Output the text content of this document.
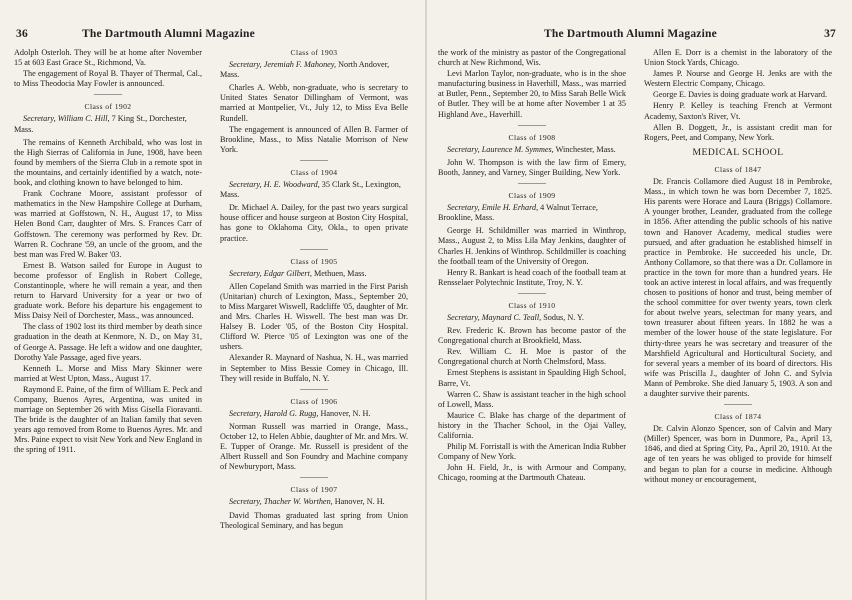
36	The Dartmouth Alumni Magazine

Adolph Osterloh. They will be at home after November 15 at 603 East Grace St., Richmond, Va.

The engagement of Royal B. Thayer of Thermal, Cal., to Miss Theodocia May Fowler is announced.

Class of 1902
Secretary, William C. Hill, 7 King St., Dorchester, Mass.

The remains of Kenneth Archibald, who was lost in the High Sierras of California in June, 1908, have been found by members of the Sierra Club in a remote spot in the mountains, and certainly identified by a watch, note-book, and clothing known to have belonged to him.

Frank Cochrane Moore, assistant professor of mathematics in the New Hampshire College at Durham, was married at Goffstown, N. H., August 17, to Miss Helen Bond Carr, daughter of Mrs. S. Frances Carr of Goffstown. The ceremony was performed by Rev. Dr. Warren R. Cochrane '59, an uncle of the groom, and the best man was Fred W. Baker '03.

Ernest B. Watson sailed for Europe in August to become professor of English in Robert College, Constantinople, where he will remain a year, and then return to Harvard University for a year or two of graduate work. Before his departure his engagement to Miss Daisy Neil of Dorchester, Mass., was announced.

The class of 1902 lost its third member by death since graduation in the death at Kenmore, N. D., on May 31, of George A. Passage. He left a widow and one daughter, Dorothy Yale Passage, aged five years.

Kenneth L. Morse and Miss Mary Skinner were married at West Upton, Mass., August 17.

Raymond E. Paine, of the firm of William E. Peck and Company, Buenos Ayres, Argentina, was united in marriage on September 26 with Miss Gisella Fioravanti. The bride is the daughter of an Italian family that seven years ago removed from Rome to Buenos Ayres. Mr. and Mrs. Paine expect to visit New York and New England in the spring of 1911.

Class of 1903
Secretary, Jeremiah F. Mahoney, North Andover, Mass.

Charles A. Webb, non-graduate, who is secretary to United States Senator Dillingham of Vermont, was married at Montpelier, Vt., July 12, to Miss Eva Belle Rundell.

The engagement is announced of Allen B. Farmer of Brookline, Mass., to Miss Natalie Morrison of New York.

Class of 1904
Secretary, H. E. Woodward, 35 Clark St., Lexington, Mass.

Dr. Michael A. Dailey, for the past two years surgical house officer and house surgeon at Boston City Hospital, has gone to Oklahoma City, Okla., to open private practice.

Class of 1905
Secretary, Edgar Gilbert, Methuen, Mass.

Allen Copeland Smith was married in the First Parish (Unitarian) church of Lexington, Mass., September 20, to Miss Margaret Wiswell, Radcliffe '05, daughter of Mr. and Mrs. Charles H. Wiswell. The best man was Dr. Halsey B. Loder '05, of the Boston City Hospital. Clifford W. Pierce '05 of Lexington was one of the ushers.

Alexander R. Maynard of Nashua, N. H., was married in September to Miss Bessie Comey in Chicago, Ill. They will reside in Buffalo, N. Y.

Class of 1906
Secretary, Harold G. Rugg, Hanover, N. H.

Norman Russell was married in Orange, Mass., October 12, to Helen Abbie, daughter of Mr. and Mrs. W. E. Tupper of Orange. Mr. Russell is president of the Albert Russell and Son Foundry and Machine company of Newburyport, Mass.

Class of 1907
Secretary, Thacher W. Worthen, Hanover, N. H.

David Thomas graduated last spring from Union Theological Seminary, and has begun

The Dartmouth Alumni Magazine	37

the work of the ministry as pastor of the Congregational church at New Richmond, Wis.

Levi Marlon Taylor, non-graduate, who is in the shoe manufacturing business in Haverhill, Mass., was married at Butler, Penn., September 20, to Miss Sarah Belle Wick of Butler. They will be at home after November 1 at 35 Highland Ave., Haverhill.

Class of 1908
Secretary, Laurence M. Symmes, Winchester, Mass.

John W. Thompson is with the law firm of Emery, Booth, Janney, and Varney, Singer Building, New York.

Class of 1909
Secretary, Emile H. Erhard, 4 Walnut Terrace, Brookline, Mass.

George H. Schildmiller was married in Winthrop, Mass., August 2, to Miss Lila May Jenkins, daughter of Charles H. Jenkins of Winthrop. Schildmiller is coaching the football team of the University of Oregon.

Henry R. Bankart is head coach of the football team at Rensselaer Polytechnic Institute, Troy, N. Y.

Class of 1910
Secretary, Maynard C. Teall, Sodus, N. Y.

Rev. Frederic K. Brown has become pastor of the Congregational church at Brookfield, Mass.

Rev. William C. H. Moe is pastor of the Congregational church at North Chelmsford, Mass.

Ernest Stephens is assistant in Spaulding High School, Barre, Vt.

Warren C. Shaw is assistant teacher in the high school of Lowell, Mass.

Maurice C. Blake has charge of the department of history in the Thacher School, in the Ojai Valley, California.

Philip M. Forristall is with the American India Rubber Company of New York.

John H. Field, Jr., is with Armour and Company, Chicago, rooming at the Dartmouth Chateau.

Allen E. Dorr is a chemist in the laboratory of the Union Stock Yards, Chicago.

James P. Nourse and George H. Jenks are with the Western Electric Company, Chicago.

George E. Davies is doing graduate work at Harvard.

Henry P. Kelley is teaching French at Vermont Academy, Saxton's River, Vt.

Allen B. Doggett, Jr., is assistant credit man for Rogers, Peet, and Company, New York.

MEDICAL SCHOOL
Class of 1847

Dr. Francis Collamore died August 18 in Pembroke, Mass., in which town he was born December 7, 1825. His parents were Horace and Laura (Briggs) Collamore. A younger brother, Leander, graduated from the college in 1856. After attending the public schools of his native town and Hanover Academy, medical studies were pursued, and after graduation he established himself in practice in Pembroke. He succeeded his uncle, Dr. Anthony Collamore, so that there was a Dr. Collamore in practice in the town for more than a hundred years. He took an active interest in local affairs, and was frequently chosen to positions of honor and trust, being member of the school committee for over twenty years, town clerk for about twelve years, selectman for many years, and town treasurer about fifteen years. In 1882 he was a member of the lower house of the state legislature. For thirty-three years he was secretary and treasurer of the Marshfield Agricultural and Horticultural Society, and for several years a member of its board of directors. His wife was Priscilla J., daughter of John C. and Sylvia Mann of Pembroke. She died January 5, 1903. A son and a daughter survive their parents.

Class of 1874

Dr. Calvin Alonzo Spencer, son of Calvin and Mary (Miller) Spencer, was born in Dunmore, Pa., April 13, 1846, and died at Spring City, Pa., April 20, 1910. At the age of ten years he was obliged to provide for himself and began to plan for a course in medicine. Although without money or encouragement,
